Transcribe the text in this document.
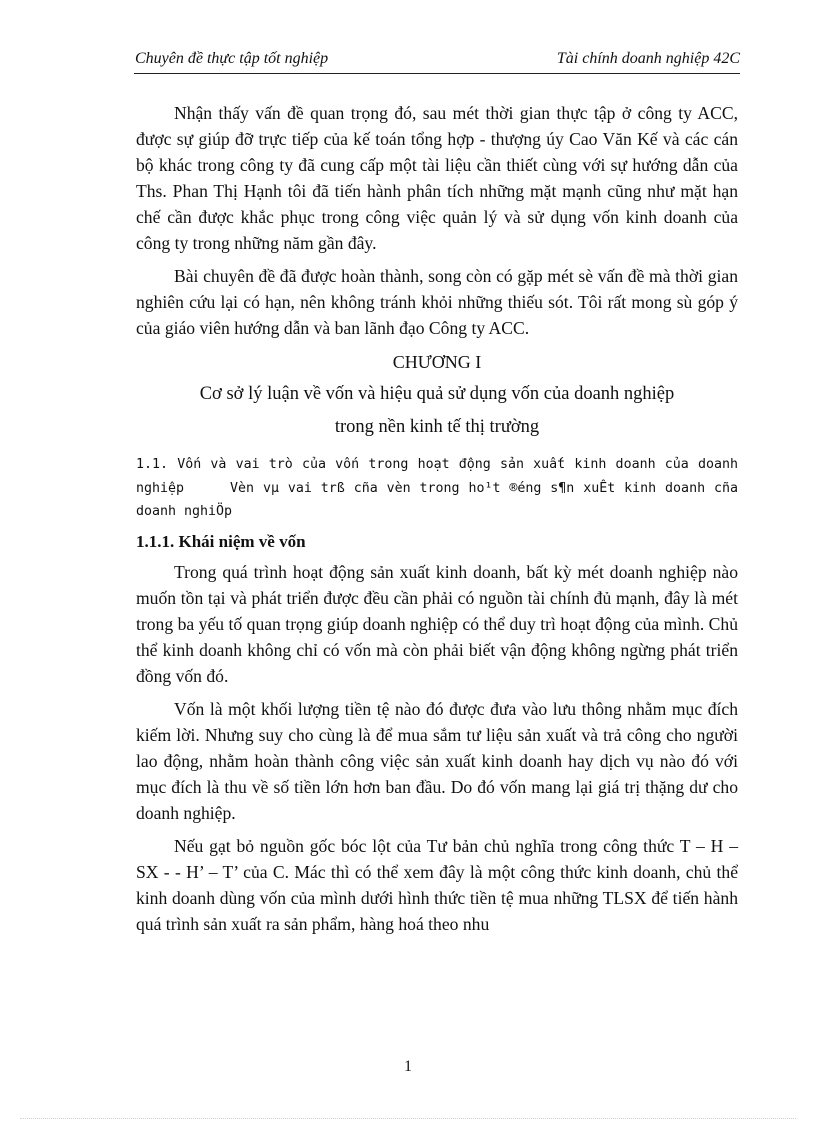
Chuyên đề thực tập tốt nghiệp	Tài chính doanh nghiệp 42C

Nhận thấy vấn đề quan trọng đó, sau mét thời gian thực tập ở công ty ACC, được sự giúp đỡ trực tiếp của kế toán tổng hợp - thượng úy Cao Văn Kế và các cán bộ khác trong công ty đã cung cấp một tài liệu cần thiết cùng với sự hướng dẫn của Ths. Phan Thị Hạnh tôi đã tiến hành phân tích những mặt mạnh cũng như mặt hạn chế cần được khắc phục trong công việc quản lý và sử dụng vốn kinh doanh của công ty trong những năm gần đây.

Bài chuyên đề đã được hoàn thành, song còn có gặp mét sè vấn đề mà thời gian nghiên cứu lại có hạn, nên không tránh khỏi những thiếu sót. Tôi rất mong sù góp ý của giáo viên hướng dẫn và ban lãnh đạo Công ty ACC.

CHƯƠNG I

Cơ sở lý luận về vốn và hiệu quả sử dụng vốn của doanh nghiệp
trong nền kinh tế thị trường

1.1. Vốn và vai trò của vốn trong hoạt động sản xuất kinh doanh của doanh nghiệp	Vèn vµ vai trß cña vèn trong ho¹t ®éng s¶n xuÊt kinh doanh cña doanh nghiÖp

1.1.1. Khái niệm về vốn

Trong quá trình hoạt động sản xuất kinh doanh, bất kỳ mét doanh nghiệp nào muốn tồn tại và phát triển được đều cần phải có nguồn tài chính đủ mạnh, đây là mét trong ba yếu tố quan trọng giúp doanh nghiệp có thể duy trì hoạt động của mình. Chủ thể kinh doanh không chỉ có vốn mà còn phải biết vận động không ngừng phát triển đồng vốn đó.

Vốn là một khối lượng tiền tệ nào đó được đưa vào lưu thông nhằm mục đích kiếm lời. Nhưng suy cho cùng là để mua sắm tư liệu sản xuất và trả công cho người lao động, nhằm hoàn thành công việc sản xuất kinh doanh hay dịch vụ nào đó với mục đích là thu về số tiền lớn hơn ban đầu. Do đó vốn mang lại giá trị thặng dư cho doanh nghiệp.

Nếu gạt bỏ nguồn gốc bóc lột của Tư bản chủ nghĩa trong công thức T – H – SX - - H’ – T’ của C. Mác thì có thể xem đây là một công thức kinh doanh, chủ thể kinh doanh dùng vốn của mình dưới hình thức tiền tệ mua những TLSX để tiến hành quá trình sản xuất ra sản phẩm, hàng hoá theo nhu

1
